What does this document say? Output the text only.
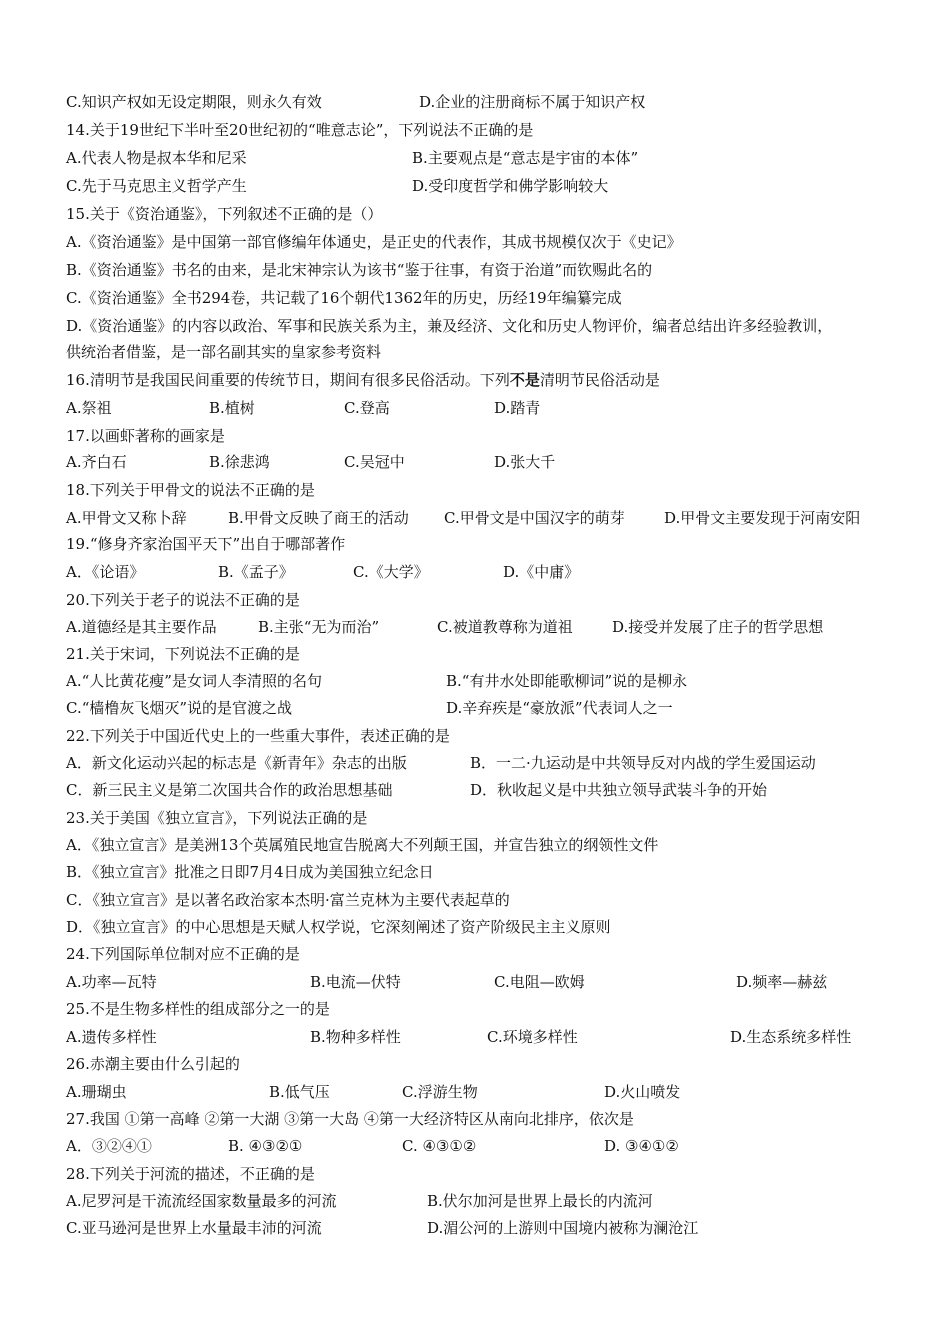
C.知识产权如无设定期限，则永久有效	D.企业的注册商标不属于知识产权
14.关于19世纪下半叶至20世纪初的“唯意志论”，下列说法不正确的是
A.代表人物是叔本华和尼采	B.主要观点是“意志是宇宙的本体”
C.先于马克思主义哲学产生	D.受印度哲学和佛学影响较大
15.关于《资治通鉴》，下列叙述不正确的是（）
A.《资治通鉴》是中国第一部官修编年体通史，是正史的代表作，其成书规模仅次于《史记》
B.《资治通鉴》书名的由来，是北宋神宗认为该书“鉴于往事，有资于治道”而钦赐此名的
C.《资治通鉴》全书294卷，共记载了16个朝代1362年的历史，历经19年编纂完成
D.《资治通鉴》的内容以政治、军事和民族关系为主，兼及经济、文化和历史人物评价，编者总结出许多经验教训，
供统治者借鉴，是一部名副其实的皇家参考资料
16.清明节是我国民间重要的传统节日，期间有很多民俗活动。下列不是清明节民俗活动是
A.祭祖	B.植树	C.登高	D.踏青
17.以画虾著称的画家是
A.齐白石	B.徐悲鸿	C.吴冠中	D.张大千
18.下列关于甲骨文的说法不正确的是
A.甲骨文又称卜辞	B.甲骨文反映了商王的活动 C.甲骨文是中国汉字的萌芽	D.甲骨文主要发现于河南安阳
19.“修身齐家治国平天下”出自于哪部著作
A．《论语》	B.《孟子》	C.《大学》	D.《中庸》
20.下列关于老子的说法不正确的是
A.道德经是其主要作品	B.主张“无为而治”	C.被道教尊称为道祖	D.接受并发展了庄子的哲学思想
21.关于宋词，下列说法不正确的是
A.“人比黄花瘦”是女词人李清照的名句	B.“有井水处即能歌柳词”说的是柳永
C.“樯橹灰飞烟灭”说的是官渡之战	D.辛弃疾是“豪放派”代表词人之一
22.下列关于中国近代史上的一些重大事件，表述正确的是
A．新文化运动兴起的标志是《新青年》杂志的出版	B．一二·九运动是中共领导反对内战的学生爱国运动
C．新三民主义是第二次国共合作的政治思想基础	D．秋收起义是中共独立领导武装斗争的开始
23.关于美国《独立宣言》，下列说法正确的是
A．《独立宣言》是美洲13个英属殖民地宣告脱离大不列颠王国，并宣告独立的纲领性文件
B．《独立宣言》批准之日即7月4日成为美国独立纪念日
C．《独立宣言》是以著名政治家本杰明·富兰克林为主要代表起草的
D．《独立宣言》的中心思想是天赋人权学说，它深刻阐述了资产阶级民主主义原则
24.下列国际单位制对应不正确的是
A.功率—瓦特	B.电流—伏特	C.电阻—欧姆	D.频率—赫兹
25.不是生物多样性的组成部分之一的是
A.遗传多样性	B.物种多样性	C.环境多样性	D.生态系统多样性
26.赤潮主要由什么引起的
A.珊瑚虫	B.低气压	C.浮游生物	D.火山喷发
27.我国 ①第一高峰 ②第一大湖 ③第一大岛 ④第一大经济特区从南向北排序，依次是
A．③②④①	B. ④③②①	C. ④③①②	D. ③④①②
28.下列关于河流的描述，不正确的是
A.尼罗河是干流流经国家数量最多的河流	B.伏尔加河是世界上最长的内流河
C.亚马逊河是世界上水量最丰沛的河流	D.湄公河的上游则中国境内被称为澜沧江
